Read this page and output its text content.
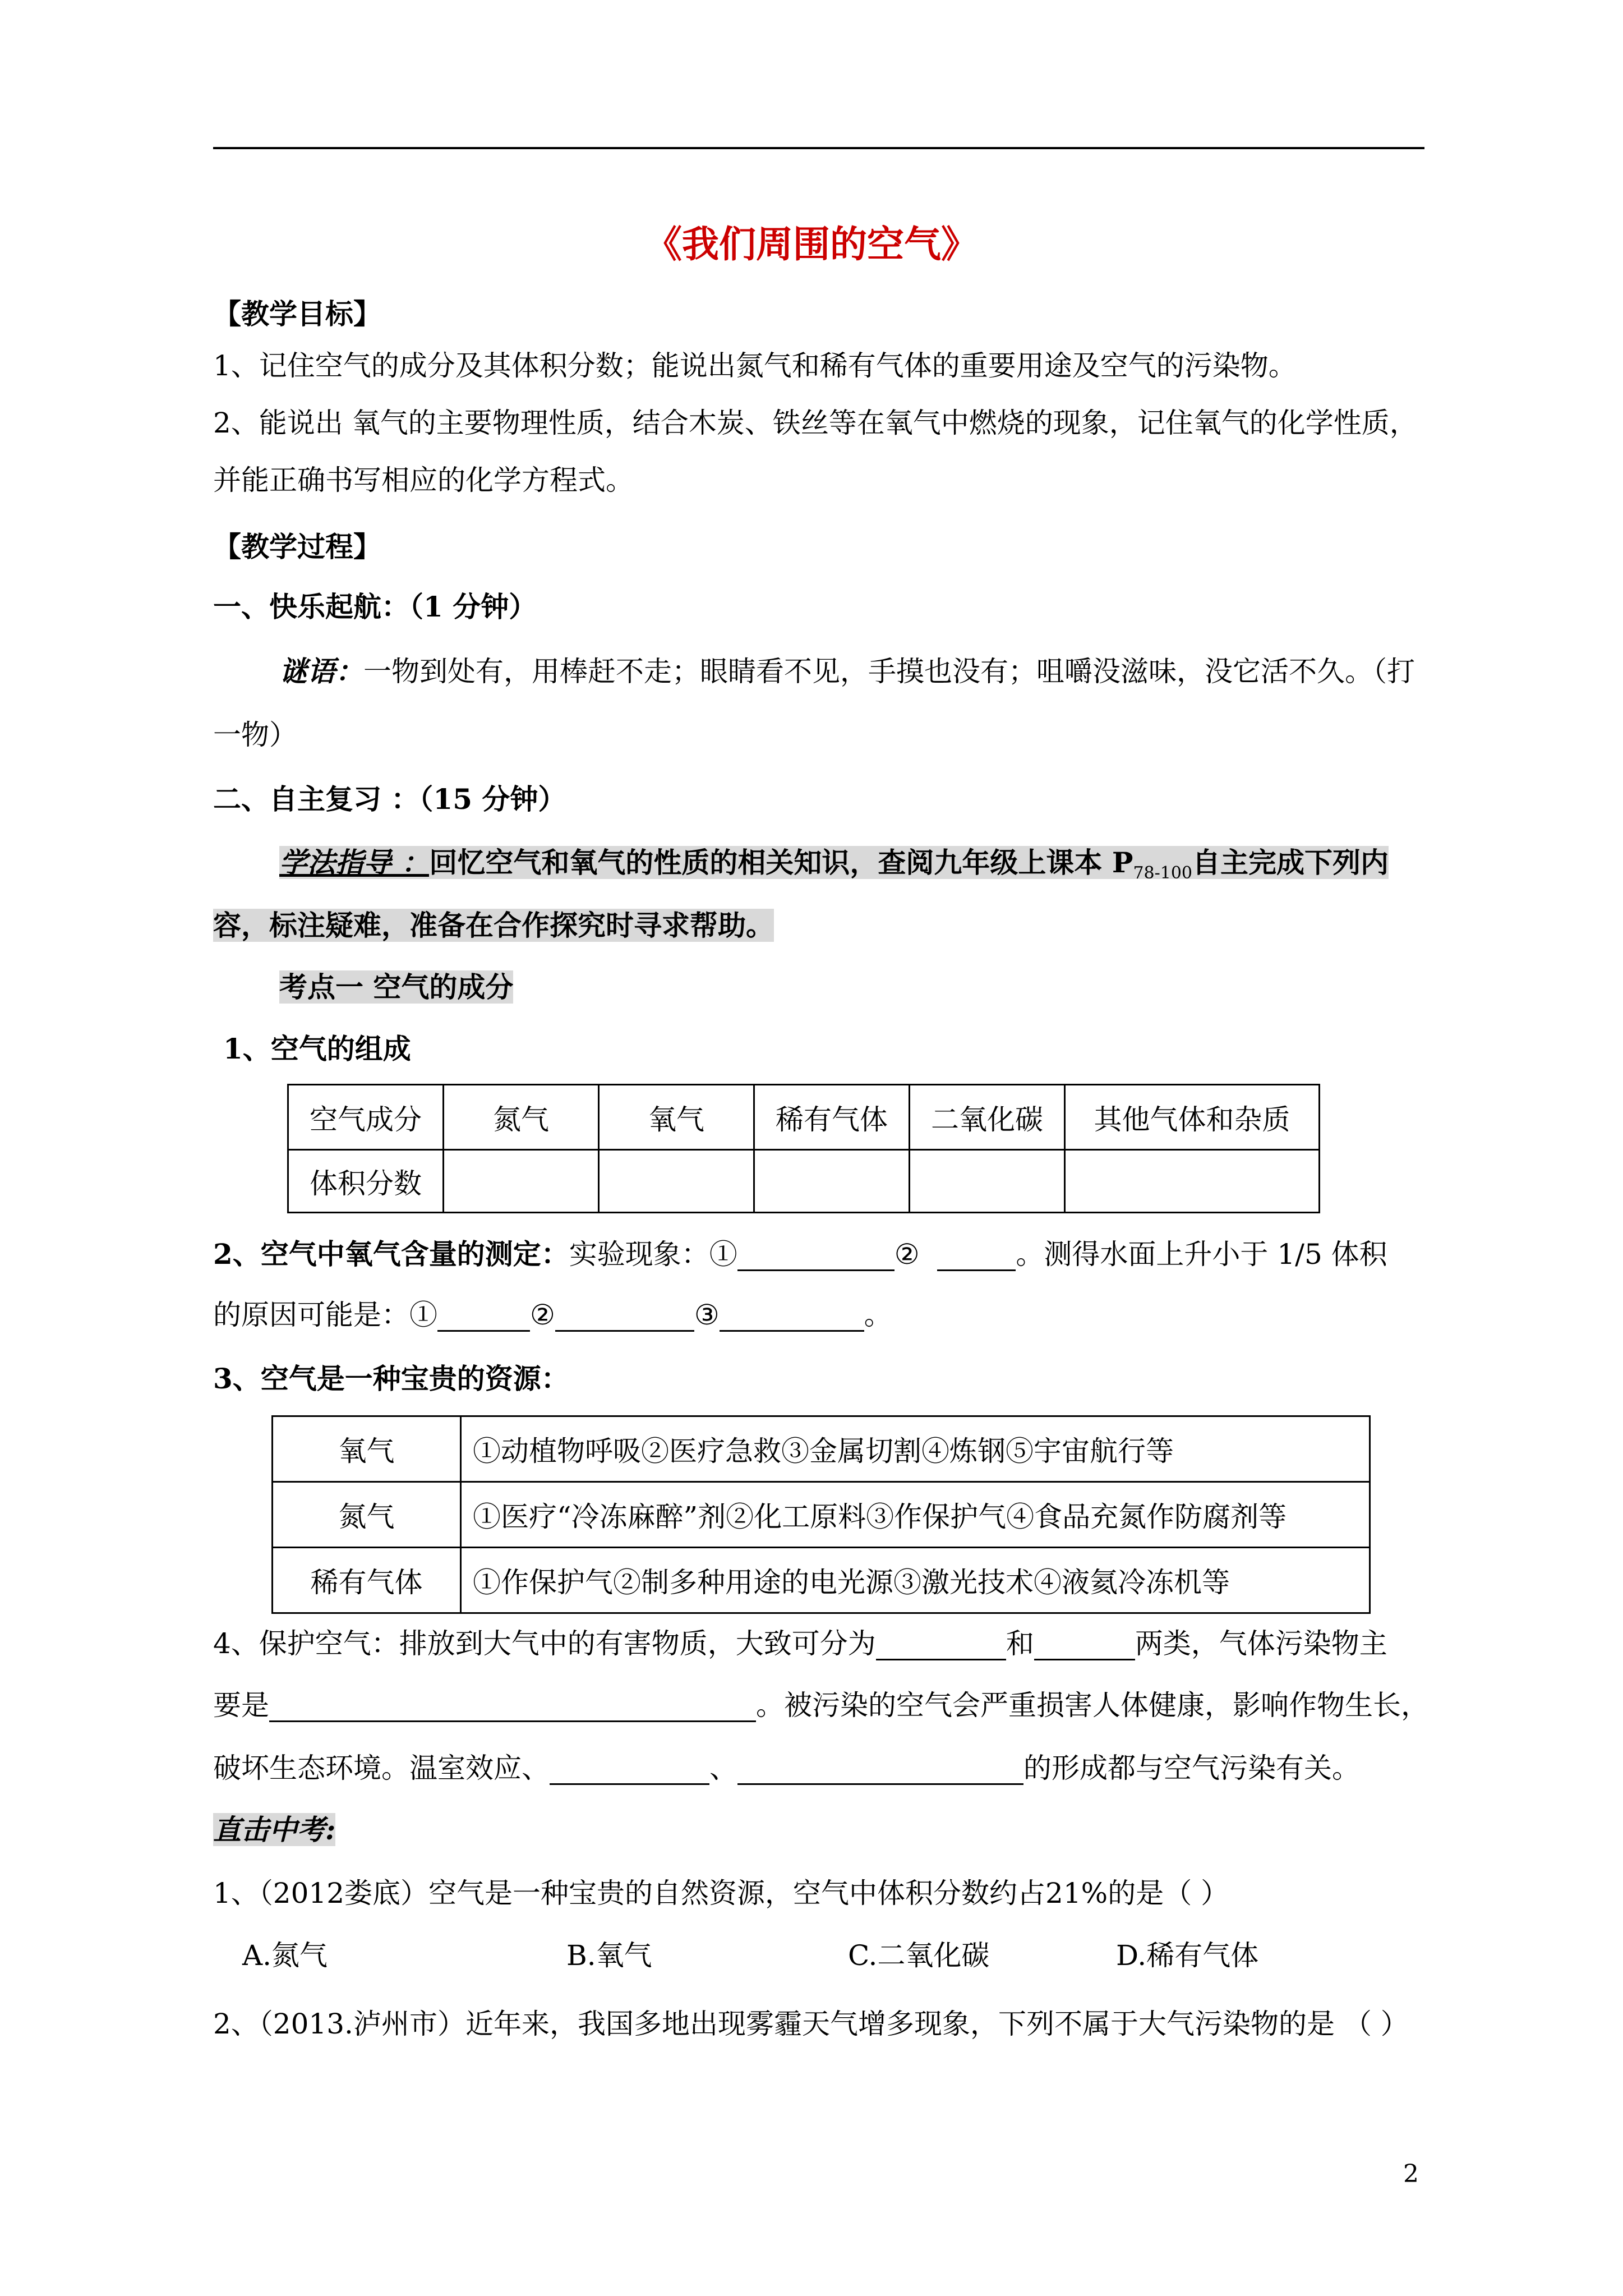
《我们周围的空气》
【教学目标】
1、记住空气的成分及其体积分数；能说出氮气和稀有气体的重要用途及空气的污染物。
2、能说出 氧气的主要物理性质，结合木炭、铁丝等在氧气中燃烧的现象，记住氧气的化学性质，
并能正确书写相应的化学方程式。
【教学过程】
一、快乐起航：（1 分钟）
谜语：一物到处有，用棒赶不走；眼睛看不见，手摸也没有；咀嚼没滋味，没它活不久。（打
一物）
二、自主复习 ：（15 分钟）
学法指导 ：回忆空气和氧气的性质的相关知识，查阅九年级上课本 $P_{78-100}$自主完成下列内
容，标注疑难，准备在合作探究时寻求帮助。
考点一 空气的成分
1、空气的组成
空气成分	氮气	氧气	稀有气体	二氧化碳	其他气体和杂质
体积分数					
2、空气中氧气含量的测定：实验现象：①	②	。测得水面上升小于 1/5 体积
的原因可能是：①	②	③	。
3、空气是一种宝贵的资源：
氧气	①动植物呼吸②医疗急救③金属切割④炼钢⑤宇宙航行等
氮气	①医疗“冷冻麻醉”剂②化工原料③作保护气④食品充氮作防腐剂等
稀有气体	①作保护气②制多种用途的电光源③激光技术④液氦冷冻机等
4、保护空气：排放到大气中的有害物质，大致可分为	和	两类，气体污染物主
要是	。被污染的空气会严重损害人体健康，影响作物生长，
破坏生态环境。温室效应、	、	的形成都与空气污染有关。
直击中考:
1、（2012娄底）空气是一种宝贵的自然资源，空气中体积分数约占21%的是（ ）
A.氮气	B.氧气	C.二氧化碳	D.稀有气体
2、（2013.泸州市）近年来，我国多地出现雾霾天气增多现象，下列不属于大气污染物的是 （ ）
2
